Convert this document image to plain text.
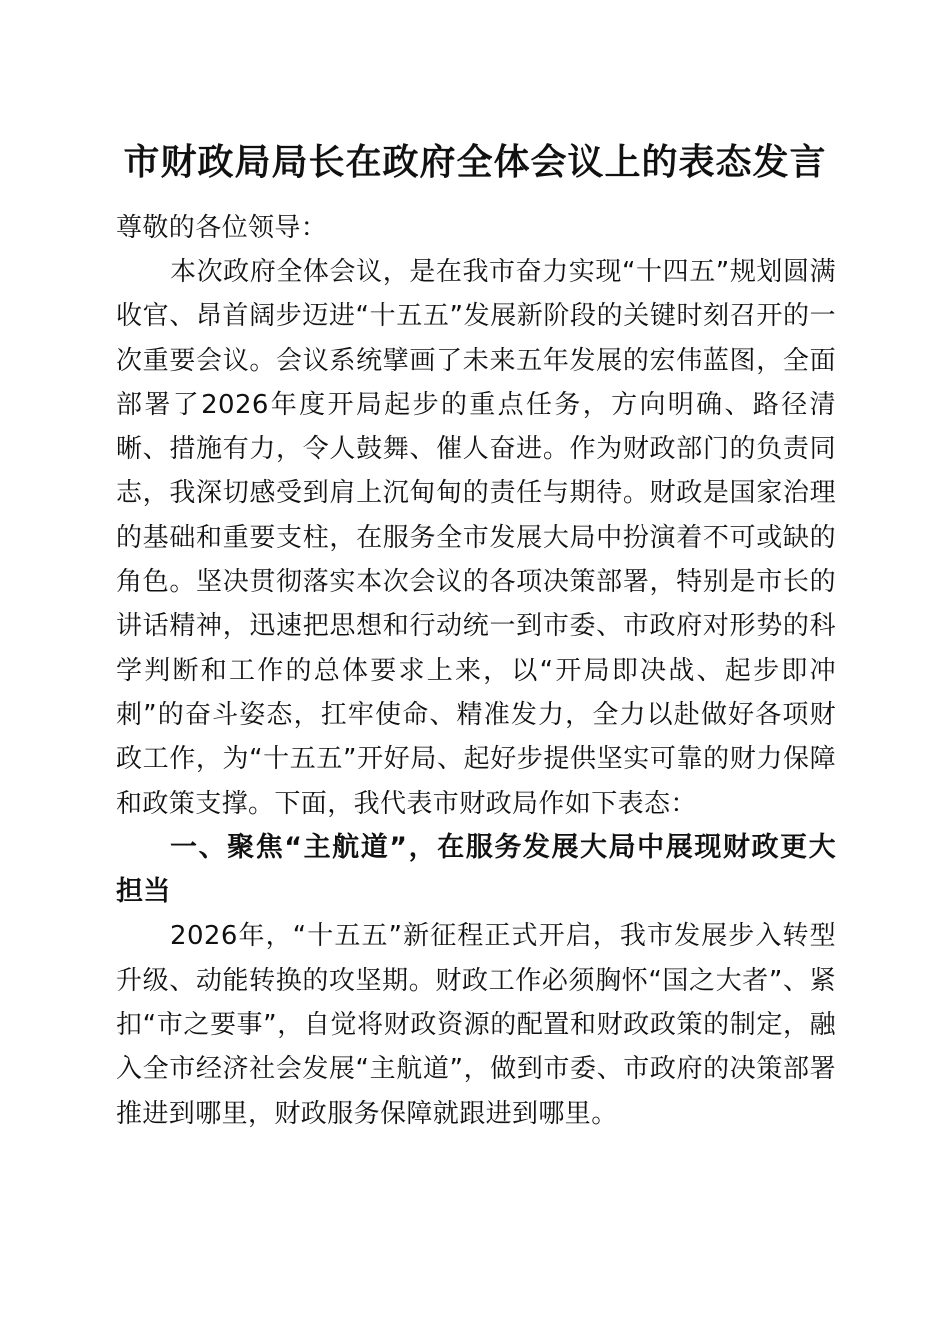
市财政局局长在政府全体会议上的表态发言

尊敬的各位领导：

本次政府全体会议，是在我市奋力实现“十四五”规划圆满收官、昂首阔步迈进“十五五”发展新阶段的关键时刻召开的一次重要会议。会议系统擘画了未来五年发展的宏伟蓝图，全面部署了2026年度开局起步的重点任务，方向明确、路径清晰、措施有力，令人鼓舞、催人奋进。作为财政部门的负责同志，我深切感受到肩上沉甸甸的责任与期待。财政是国家治理的基础和重要支柱，在服务全市发展大局中扮演着不可或缺的角色。坚决贯彻落实本次会议的各项决策部署，特别是市长的讲话精神，迅速把思想和行动统一到市委、市政府对形势的科学判断和工作的总体要求上来，以“开局即决战、起步即冲刺”的奋斗姿态，扛牢使命、精准发力，全力以赴做好各项财政工作，为“十五五”开好局、起好步提供坚实可靠的财力保障和政策支撑。下面，我代表市财政局作如下表态：

一、聚焦“主航道”，在服务发展大局中展现财政更大担当

2026年，“十五五”新征程正式开启，我市发展步入转型升级、动能转换的攻坚期。财政工作必须胸怀“国之大者”、紧扣“市之要事”，自觉将财政资源的配置和财政政策的制定，融入全市经济社会发展“主航道”，做到市委、市政府的决策部署推进到哪里，财政服务保障就跟进到哪里。
